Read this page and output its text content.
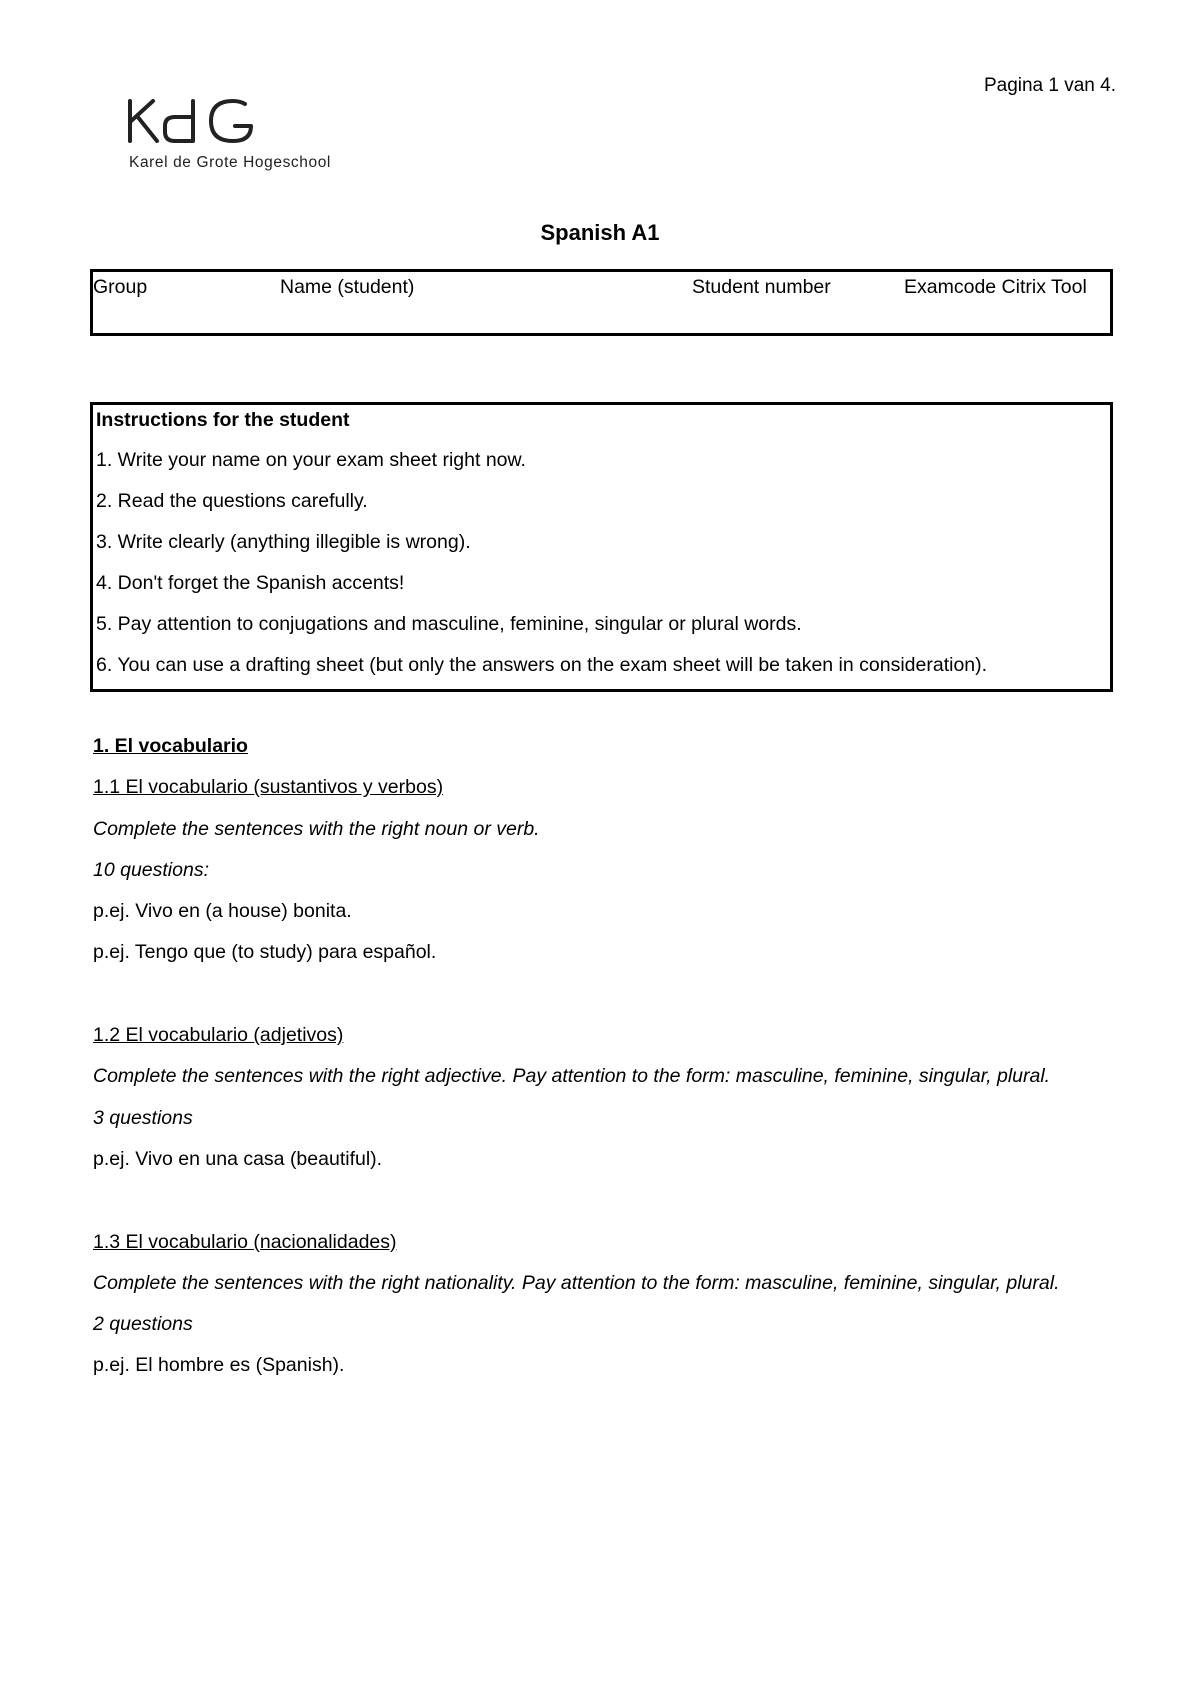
Pagina 1 van 4.
Karel de Grote Hogeschool
Spanish A1
Group	Name (student)	Student number	Examcode Citrix Tool
Instructions for the student
1. Write your name on your exam sheet right now.
2. Read the questions carefully.
3. Write clearly (anything illegible is wrong).
4. Don't forget the Spanish accents!
5. Pay attention to conjugations and masculine, feminine, singular or plural words.
6. You can use a drafting sheet (but only the answers on the exam sheet will be taken in consideration).
1. El vocabulario
1.1 El vocabulario (sustantivos y verbos)
Complete the sentences with the right noun or verb.
10 questions:
p.ej. Vivo en (a house) bonita.
p.ej. Tengo que (to study) para español.
1.2 El vocabulario (adjetivos)
Complete the sentences with the right adjective. Pay attention to the form: masculine, feminine, singular, plural.
3 questions
p.ej. Vivo en una casa (beautiful).
1.3 El vocabulario (nacionalidades)
Complete the sentences with the right nationality. Pay attention to the form: masculine, feminine, singular, plural.
2 questions
p.ej. El hombre es (Spanish).
